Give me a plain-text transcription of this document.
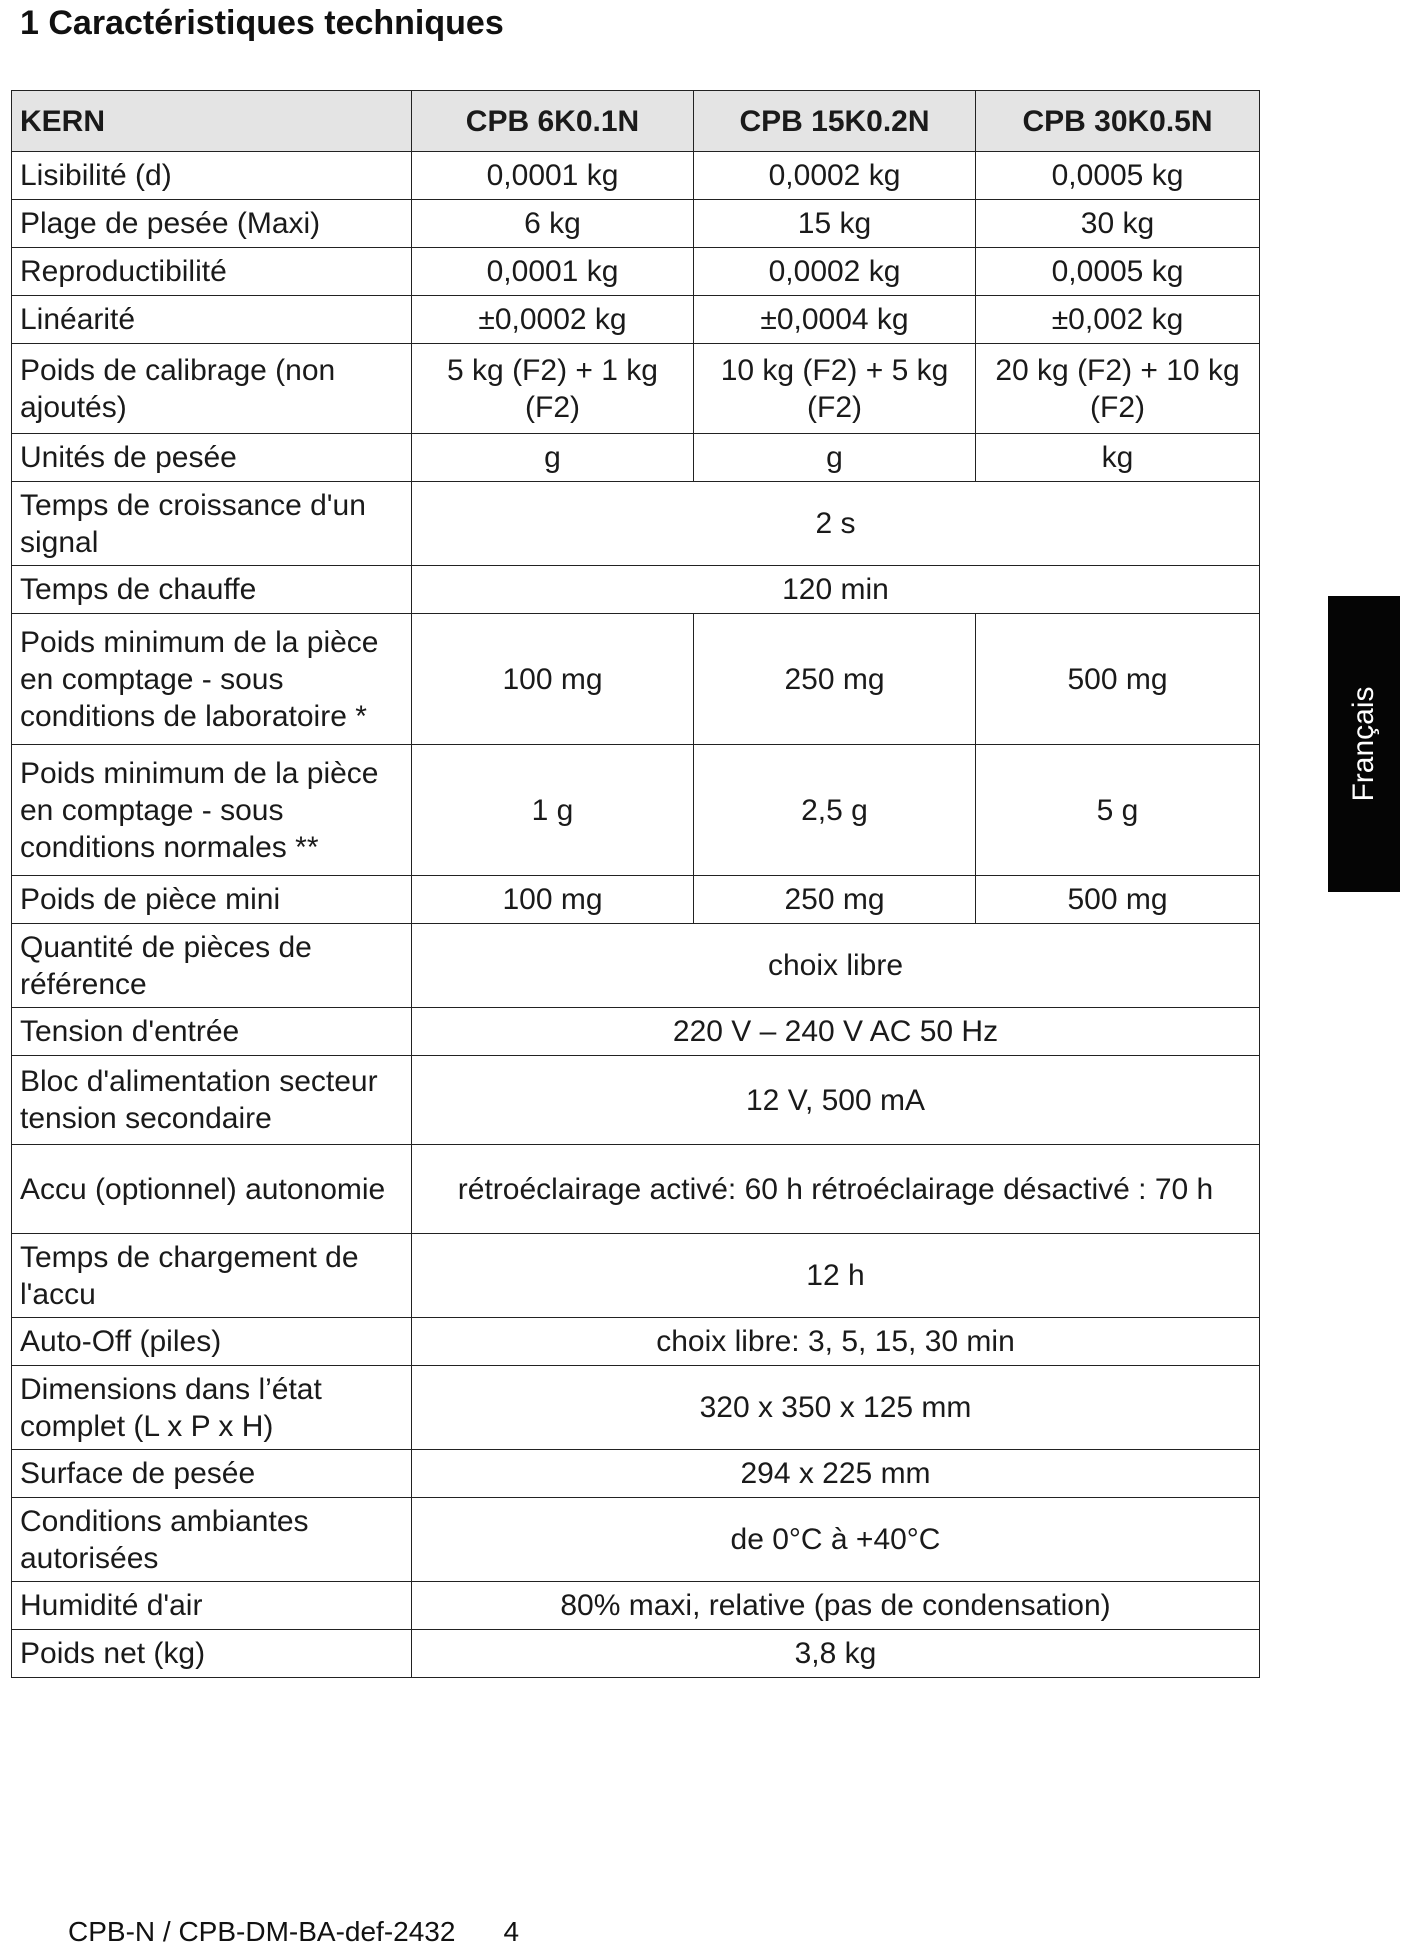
1 Caractéristiques techniques
KERN	CPB 6K0.1N	CPB 15K0.2N	CPB 30K0.5N
Lisibilité (d)	0,0001 kg	0,0002 kg	0,0005 kg
Plage de pesée (Maxi)	6 kg	15 kg	30 kg
Reproductibilité	0,0001 kg	0,0002 kg	0,0005 kg
Linéarité	±0,0002 kg	±0,0004 kg	±0,002 kg
Poids de calibrage (non ajoutés)	5 kg (F2) + 1 kg (F2)	10 kg (F2) + 5 kg (F2)	20 kg (F2) + 10 kg (F2)
Unités de pesée	g	g	kg
Temps de croissance d'un signal	2 s		
Temps de chauffe	120 min		
Poids minimum de la pièce en comptage - sous conditions de laboratoire *	100 mg	250 mg	500 mg
Poids minimum de la pièce en comptage - sous conditions normales **	1 g	2,5 g	5 g
Poids de pièce mini	100 mg	250 mg	500 mg
Quantité de pièces de référence	choix libre		
Tension d'entrée	220 V – 240 V AC 50 Hz		
Bloc d'alimentation secteur tension secondaire	12 V, 500 mA		
Accu (optionnel) autonomie	rétroéclairage activé: 60 h rétroéclairage désactivé : 70 h		
Temps de chargement de l'accu	12 h		
Auto-Off (piles)	choix libre: 3, 5, 15, 30 min		
Dimensions dans l’état complet (L x P x H)	320 x 350 x 125 mm		
Surface de pesée	294 x 225 mm		
Conditions ambiantes autorisées	de 0°C à +40°C		
Humidité d'air	80% maxi, relative (pas de condensation)		
Poids net (kg)	3,8 kg		
Français
CPB-N / CPB-DM-BA-def-2432 4
